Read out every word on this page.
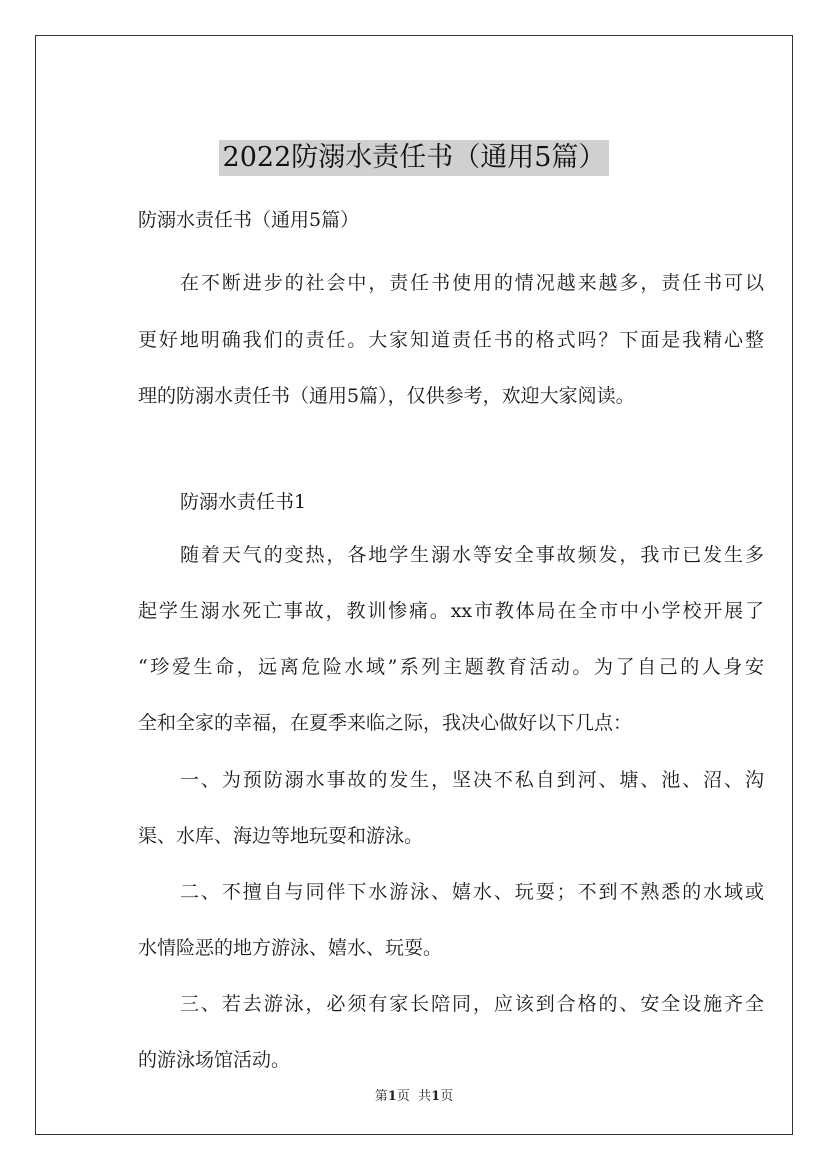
2022防溺水责任书（通用5篇）
防溺水责任书（通用5篇）
在不断进步的社会中，责任书使用的情况越来越多，责任书可以
更好地明确我们的责任。大家知道责任书的格式吗？下面是我精心整
理的防溺水责任书（通用5篇），仅供参考，欢迎大家阅读。
防溺水责任书1
随着天气的变热，各地学生溺水等安全事故频发，我市已发生多
起学生溺水死亡事故，教训惨痛。xx市教体局在全市中小学校开展了
“珍爱生命，远离危险水域”系列主题教育活动。为了自己的人身安
全和全家的幸福，在夏季来临之际，我决心做好以下几点：
一、为预防溺水事故的发生，坚决不私自到河、塘、池、沼、沟
渠、水库、海边等地玩耍和游泳。
二、不擅自与同伴下水游泳、嬉水、玩耍；不到不熟悉的水域或
水情险恶的地方游泳、嬉水、玩耍。
三、若去游泳，必须有家长陪同，应该到合格的、安全设施齐全
的游泳场馆活动。
第1页 共1页
